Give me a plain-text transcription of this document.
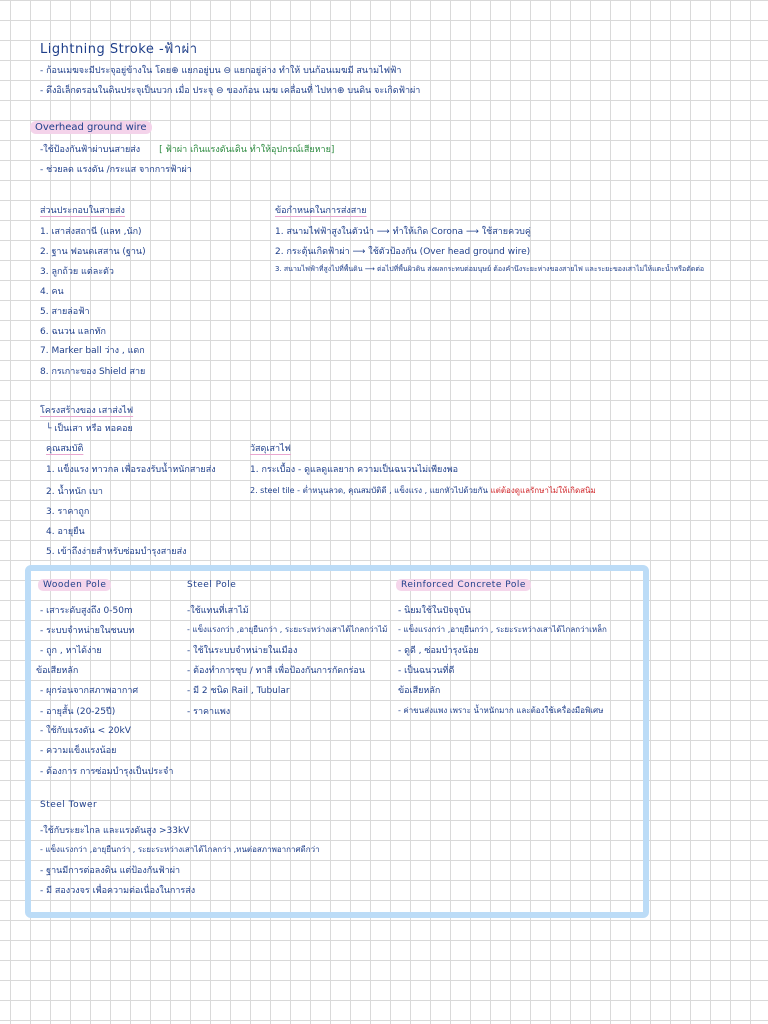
Lightning Stroke -ฟ้าผ่า
- ก้อนเมฆจะมีประจุอยู่ข้างใน โดย⊕ แยกอยู่บน ⊖ แยกอยู่ล่าง ทำให้ บนก้อนเมฆมี สนามไฟฟ้า
- ดึงอิเล็กตรอนในดินประจุเป็นบวก เมื่อ ประจุ ⊖ ของก้อน เมฆ เคลื่อนที่ ไปหา⊕ บนดิน จะเกิดฟ้าผ่า
Overhead ground wire
-ใช้ป้องกันฟ้าผ่าบนสายส่ง [ ฟ้าผ่า เกินแรงดันเดิน ทำให้อุปกรณ์เสียหาย]
- ช่วยลด แรงดัน /กระแส จากการฟ้าผ่า
ส่วนประกอบในสายส่ง
1. เสาส่งสถานี (แลท ,นัก)
2. ฐาน ฟอนดเสสาน (ฐาน)
3. ลูกถ้วย แต่ละตัว
4. คน
5. สายล่อฟ้า
6. ฉนวน แลกทัก
7. Marker ball ว่าง , แดก
8. กรเกาะของ Shield สาย
ข้อกำหนดในการส่งสาย
1. สนามไฟฟ้าสูงในตัวนำ ⟶ ทำให้เกิด Corona ⟶ ใช้สายควบคู่
2. กระตุ้นเกิดฟ้าผ่า ⟶ ใช้ตัวป้องกัน (Over head ground wire)
3. สนามไฟฟ้าที่สูงไปที่พื้นดิน ⟶ ต่อไปที่พื้นผิวดิน ส่งผลกระทบต่อมนุษย์ ต้องคำนึงระยะห่างของสายไฟ และระยะของเสาไม่ให้แตะน้ำหรือตัดต่อ
โครงสร้างของ เสาส่งไฟ
└ เป็นเสา หรือ หอคอย
คุณสมบัติ
1. แข็งแรง ทาวกล เพื่อรองรับน้ำหนักสายส่ง
2. น้ำหนัก เบา
3. ราคาถูก
4. อายุยืน
5. เข้าถึงง่ายสำหรับซ่อมบำรุงสายส่ง
วัสดุเสาไฟ
1. กระเบื้อง - ดูแลดูแลยาก ความเป็นฉนวนไม่เพียงพอ
2. steel tile - ต่ำหนุนลวด, คุณสมบัติดี , แข็งแรง , แยกหัวไปด้วยกัน แต่ต้องดูแลรักษาไม่ให้เกิดสนิม
Wooden Pole
- เสาระดับสูงถึง 0-50m
- ระบบจำหน่ายในชนบท
- ถูก , หาได้ง่าย
ข้อเสียหลัก
- ผุกร่อนจากสภาพอากาศ
- อายุสั้น (20-25ปี)
- ใช้กับแรงดัน < 20kV
- ความแข็งแรงน้อย
- ต้องการ การซ่อมบำรุงเป็นประจำ
Steel Pole
-ใช้แทนที่เสาไม้
- แข็งแรงกว่า ,อายุยืนกว่า , ระยะระหว่างเสาได้ไกลกว่าไม้
- ใช้ในระบบจำหน่ายในเมือง
- ต้องทำการชุบ / ทาสี เพื่อป้องกันการกัดกร่อน
- มี 2 ชนิด Rail , Tubular
- ราคาแพง
Reinforced Concrete Pole
- นิยมใช้ในปัจจุบัน
- แข็งแรงกว่า ,อายุยืนกว่า , ระยะระหว่างเสาได้ไกลกว่าเหล็ก
- ดูดี , ซ่อมบำรุงน้อย
- เป็นฉนวนที่ดี
ข้อเสียหลัก
- ค่าขนส่งแพง เพราะ น้ำหนักมาก และต้องใช้เครื่องมือพิเศษ
Steel Tower
-ใช้กับระยะไกล และแรงดันสูง >33kV
- แข็งแรงกว่า ,อายุยืนกว่า , ระยะระหว่างเสาได้ไกลกว่า ,ทนต่อสภาพอากาศดีกว่า
- ฐานมีการต่อลงดิน แต่ป้องกันฟ้าผ่า
- มี สองวงจร เพื่อความต่อเนื่องในการส่ง
